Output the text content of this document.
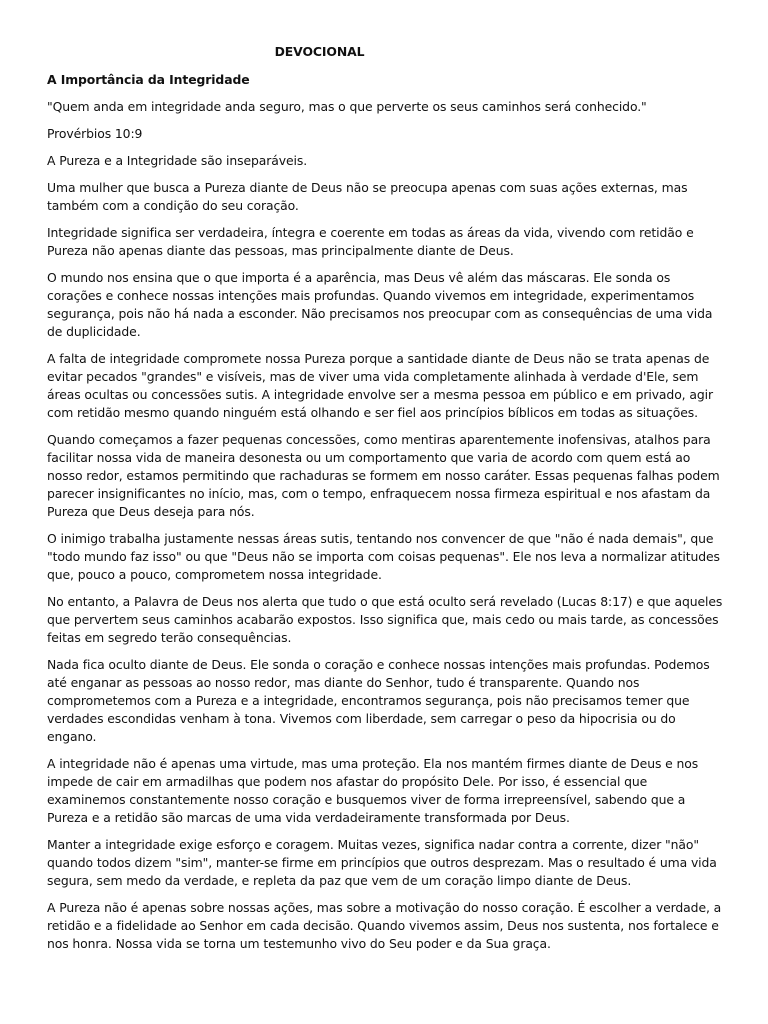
DEVOCIONAL
A Importância da Integridade

"Quem anda em integridade anda seguro, mas o que perverte os seus caminhos será conhecido."

Provérbios 10:9

A Pureza e a Integridade são inseparáveis.

Uma mulher que busca a Pureza diante de Deus não se preocupa apenas com suas ações externas, mas também com a condição do seu coração.

Integridade significa ser verdadeira, íntegra e coerente em todas as áreas da vida, vivendo com retidão e Pureza não apenas diante das pessoas, mas principalmente diante de Deus.

O mundo nos ensina que o que importa é a aparência, mas Deus vê além das máscaras. Ele sonda os corações e conhece nossas intenções mais profundas. Quando vivemos em integridade, experimentamos segurança, pois não há nada a esconder. Não precisamos nos preocupar com as consequências de uma vida de duplicidade.

A falta de integridade compromete nossa Pureza porque a santidade diante de Deus não se trata apenas de evitar pecados "grandes" e visíveis, mas de viver uma vida completamente alinhada à verdade d'Ele, sem áreas ocultas ou concessões sutis. A integridade envolve ser a mesma pessoa em público e em privado, agir com retidão mesmo quando ninguém está olhando e ser fiel aos princípios bíblicos em todas as situações.

Quando começamos a fazer pequenas concessões, como mentiras aparentemente inofensivas, atalhos para facilitar nossa vida de maneira desonesta ou um comportamento que varia de acordo com quem está ao nosso redor, estamos permitindo que rachaduras se formem em nosso caráter. Essas pequenas falhas podem parecer insignificantes no início, mas, com o tempo, enfraquecem nossa firmeza espiritual e nos afastam da Pureza que Deus deseja para nós.

O inimigo trabalha justamente nessas áreas sutis, tentando nos convencer de que "não é nada demais", que "todo mundo faz isso" ou que "Deus não se importa com coisas pequenas". Ele nos leva a normalizar atitudes que, pouco a pouco, comprometem nossa integridade.

No entanto, a Palavra de Deus nos alerta que tudo o que está oculto será revelado (Lucas 8:17) e que aqueles que pervertem seus caminhos acabarão expostos. Isso significa que, mais cedo ou mais tarde, as concessões feitas em segredo terão consequências.

Nada fica oculto diante de Deus. Ele sonda o coração e conhece nossas intenções mais profundas. Podemos até enganar as pessoas ao nosso redor, mas diante do Senhor, tudo é transparente. Quando nos comprometemos com a Pureza e a integridade, encontramos segurança, pois não precisamos temer que verdades escondidas venham à tona. Vivemos com liberdade, sem carregar o peso da hipocrisia ou do engano.

A integridade não é apenas uma virtude, mas uma proteção. Ela nos mantém firmes diante de Deus e nos impede de cair em armadilhas que podem nos afastar do propósito Dele. Por isso, é essencial que examinemos constantemente nosso coração e busquemos viver de forma irrepreensível, sabendo que a Pureza e a retidão são marcas de uma vida verdadeiramente transformada por Deus.

Manter a integridade exige esforço e coragem. Muitas vezes, significa nadar contra a corrente, dizer "não" quando todos dizem "sim", manter-se firme em princípios que outros desprezam. Mas o resultado é uma vida segura, sem medo da verdade, e repleta da paz que vem de um coração limpo diante de Deus.

A Pureza não é apenas sobre nossas ações, mas sobre a motivação do nosso coração. É escolher a verdade, a retidão e a fidelidade ao Senhor em cada decisão. Quando vivemos assim, Deus nos sustenta, nos fortalece e nos honra. Nossa vida se torna um testemunho vivo do Seu poder e da Sua graça.
